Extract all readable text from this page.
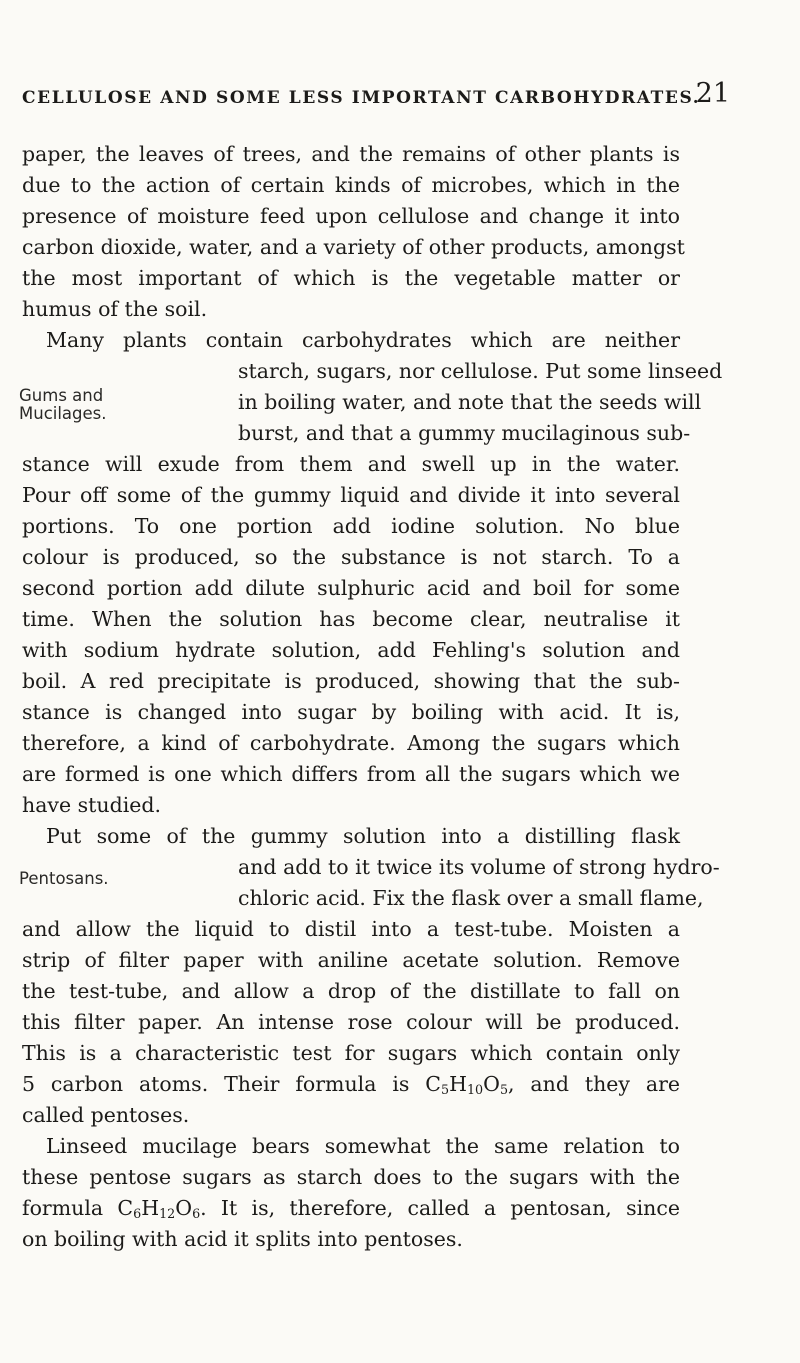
CELLULOSE AND SOME LESS IMPORTANT CARBOHYDRATES.
21
paper, the leaves of trees, and the remains of other plants is
due to the action of certain kinds of microbes, which in the
presence of moisture feed upon cellulose and change it into
carbon dioxide, water, and a variety of other products, amongst
the most important of which is the vegetable matter or
humus of the soil.
Many plants contain carbohydrates which are neither
Gums and
Mucilages.
starch, sugars, nor cellulose. Put some linseed
in boiling water, and note that the seeds will
burst, and that a gummy mucilaginous sub-
stance will exude from them and swell up in the water.
Pour off some of the gummy liquid and divide it into several
portions. To one portion add iodine solution. No blue
colour is produced, so the substance is not starch. To a
second portion add dilute sulphuric acid and boil for some
time. When the solution has become clear, neutralise it
with sodium hydrate solution, add Fehling's solution and
boil. A red precipitate is produced, showing that the sub-
stance is changed into sugar by boiling with acid. It is,
therefore, a kind of carbohydrate. Among the sugars which
are formed is one which differs from all the sugars which we
have studied.
Put some of the gummy solution into a distilling flask
Pentosans.	and add to it twice its volume of strong hydro-
chloric acid. Fix the flask over a small flame,
and allow the liquid to distil into a test-tube. Moisten a
strip of filter paper with aniline acetate solution. Remove
the test-tube, and allow a drop of the distillate to fall on
this filter paper. An intense rose colour will be produced.
This is a characteristic test for sugars which contain only
5 carbon atoms. Their formula is $C_5H_{10}O_5$, and they are
called pentoses.
Linseed mucilage bears somewhat the same relation to
these pentose sugars as starch does to the sugars with the
formula $C_6H_{12}O_6$. It is, therefore, called a pentosan, since
on boiling with acid it splits into pentoses.
